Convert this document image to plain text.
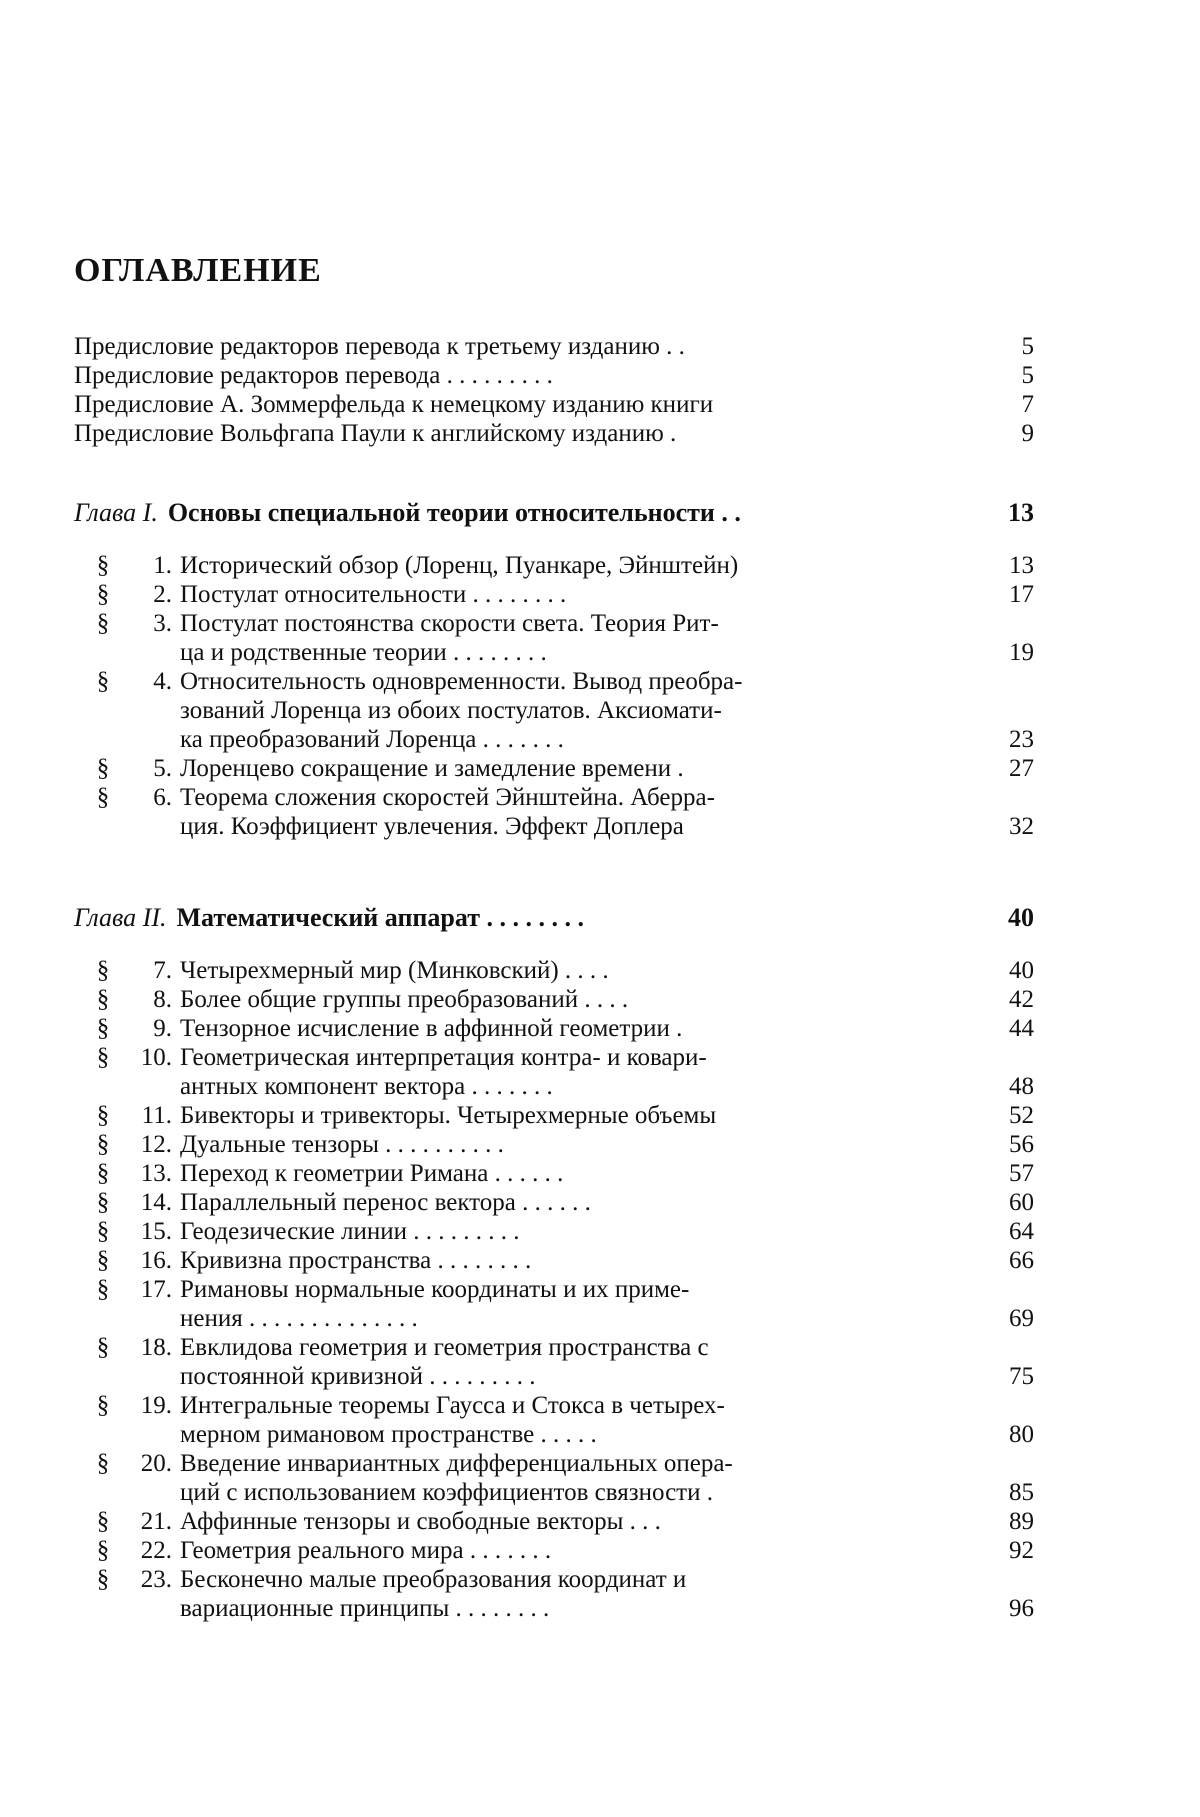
ОГЛАВЛЕНИЕ
Предисловие редакторов перевода к третьему изданию . .	5
Предисловие редакторов перевода . . . . . . . . .	5
Предисловие А. Зоммерфельда к немецкому изданию книги	7
Предисловие Вольфгапа Паули к английскому изданию .	9
Глава I. Основы специальной теории относительности . .	13
§	1. Исторический обзор (Лоренц, Пуанкаре, Эйнштейн)	13
§	2. Постулат относительности . . . . . . . .	17
§	3. Постулат постоянства скорости света. Теория Рит-
ца и родственные теории . . . . . . . .	19
§	4. Относительность одновременности. Вывод преобра-
зований Лоренца из обоих постулатов. Аксиомати-
ка преобразований Лоренца . . . . . . .	23
§	5. Лоренцево сокращение и замедление времени .	27
§	6. Теорема сложения скоростей Эйнштейна. Аберра-
ция. Коэффициент увлечения. Эффект Доплера	32
Глава II. Математический аппарат . . . . . . . .	40
§	7. Четырехмерный мир (Минковский) . . . .	40
§	8. Более общие группы преобразований . . . .	42
§	9. Тензорное исчисление в аффинной геометрии .	44
§	10. Геометрическая интерпретация контра- и ковари-
антных компонент вектора . . . . . . .	48
§	11. Бивекторы и тривекторы. Четырехмерные объемы	52
§	12. Дуальные тензоры . . . . . . . . . .	56
§	13. Переход к геометрии Римана . . . . . .	57
§	14. Параллельный перенос вектора . . . . . .	60
§	15. Геодезические линии . . . . . . . . .	64
§	16. Кривизна пространства . . . . . . . .	66
§	17. Римановы нормальные координаты и их приме-
нения . . . . . . . . . . . . . .	69
§	18. Евклидова геометрия и геометрия пространства с
постоянной кривизной . . . . . . . . .	75
§	19. Интегральные теоремы Гаусса и Стокса в четырех-
мерном римановом пространстве . . . . .	80
§	20. Введение инвариантных дифференциальных опера-
ций с использованием коэффициентов связности .	85
§	21. Аффинные тензоры и свободные векторы . . .	89
§	22. Геометрия реального мира . . . . . . .	92
§	23. Бесконечно малые преобразования координат и
вариационные принципы . . . . . . . .	96
